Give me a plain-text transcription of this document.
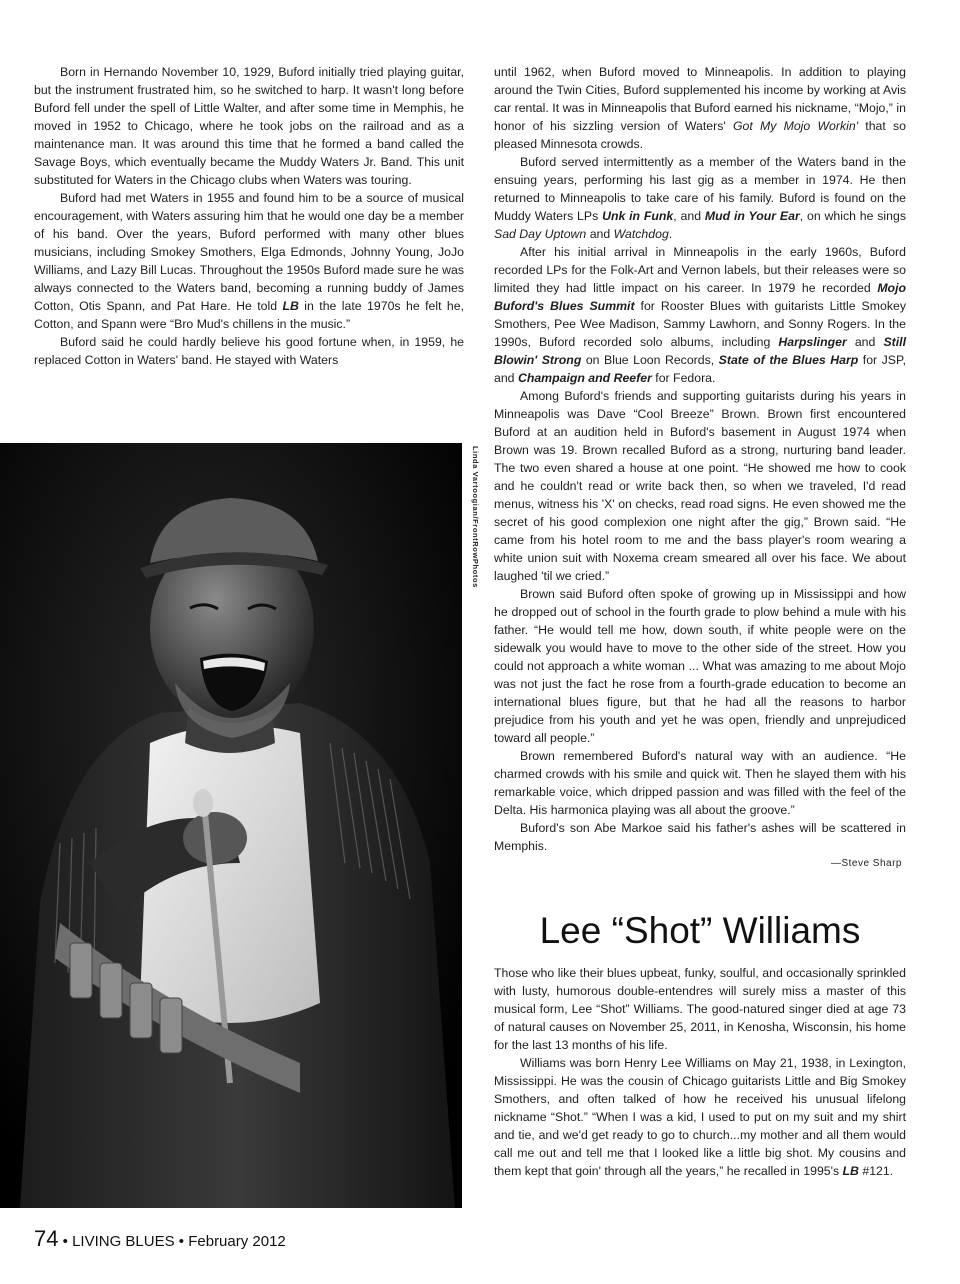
Born in Hernando November 10, 1929, Buford initially tried playing guitar, but the instrument frustrated him, so he switched to harp. It wasn't long before Buford fell under the spell of Little Walter, and after some time in Memphis, he moved in 1952 to Chicago, where he took jobs on the railroad and as a maintenance man. It was around this time that he formed a band called the Savage Boys, which eventually became the Muddy Waters Jr. Band. This unit substituted for Waters in the Chicago clubs when Waters was touring.

Buford had met Waters in 1955 and found him to be a source of musical encouragement, with Waters assuring him that he would one day be a member of his band. Over the years, Buford performed with many other blues musicians, including Smokey Smothers, Elga Edmonds, Johnny Young, JoJo Williams, and Lazy Bill Lucas. Throughout the 1950s Buford made sure he was always connected to the Waters band, becoming a running buddy of James Cotton, Otis Spann, and Pat Hare. He told LB in the late 1970s he felt he, Cotton, and Spann were “Bro Mud's chillens in the music.”

Buford said he could hardly believe his good fortune when, in 1959, he replaced Cotton in Waters' band. He stayed with Waters

Linda Vartoogian/FrontRowPhotos

until 1962, when Buford moved to Minneapolis. In addition to playing around the Twin Cities, Buford supplemented his income by working at Avis car rental. It was in Minneapolis that Buford earned his nickname, “Mojo,” in honor of his sizzling version of Waters' Got My Mojo Workin' that so pleased Minnesota crowds.

Buford served intermittently as a member of the Waters band in the ensuing years, performing his last gig as a member in 1974. He then returned to Minneapolis to take care of his family. Buford is found on the Muddy Waters LPs Unk in Funk, and Mud in Your Ear, on which he sings Sad Day Uptown and Watchdog.

After his initial arrival in Minneapolis in the early 1960s, Buford recorded LPs for the Folk-Art and Vernon labels, but their releases were so limited they had little impact on his career. In 1979 he recorded Mojo Buford's Blues Summit for Rooster Blues with guitarists Little Smokey Smothers, Pee Wee Madison, Sammy Lawhorn, and Sonny Rogers. In the 1990s, Buford recorded solo albums, including Harpslinger and Still Blowin' Strong on Blue Loon Records, State of the Blues Harp for JSP, and Champaign and Reefer for Fedora.

Among Buford's friends and supporting guitarists during his years in Minneapolis was Dave “Cool Breeze” Brown. Brown first encountered Buford at an audition held in Buford's basement in August 1974 when Brown was 19. Brown recalled Buford as a strong, nurturing band leader. The two even shared a house at one point. “He showed me how to cook and he couldn't read or write back then, so when we traveled, I'd read menus, witness his 'X' on checks, read road signs. He even showed me the secret of his good complexion one night after the gig,” Brown said. “He came from his hotel room to me and the bass player's room wearing a white union suit with Noxema cream smeared all over his face. We about laughed 'til we cried.”

Brown said Buford often spoke of growing up in Mississippi and how he dropped out of school in the fourth grade to plow behind a mule with his father. “He would tell me how, down south, if white people were on the sidewalk you would have to move to the other side of the street. How you could not approach a white woman ... What was amazing to me about Mojo was not just the fact he rose from a fourth-grade education to become an international blues figure, but that he had all the reasons to harbor prejudice from his youth and yet he was open, friendly and unprejudiced toward all people.”

Brown remembered Buford's natural way with an audience. “He charmed crowds with his smile and quick wit. Then he slayed them with his remarkable voice, which dripped passion and was filled with the feel of the Delta. His harmonica playing was all about the groove.”

Buford's son Abe Markoe said his father's ashes will be scattered in Memphis.

—Steve Sharp
Lee “Shot” Williams

Those who like their blues upbeat, funky, soulful, and occasionally sprinkled with lusty, humorous double-entendres will surely miss a master of this musical form, Lee “Shot” Williams. The good-natured singer died at age 73 of natural causes on November 25, 2011, in Kenosha, Wisconsin, his home for the last 13 months of his life.

Williams was born Henry Lee Williams on May 21, 1938, in Lexington, Mississippi. He was the cousin of Chicago guitarists Little and Big Smokey Smothers, and often talked of how he received his unusual lifelong nickname “Shot.” “When I was a kid, I used to put on my suit and my shirt and tie, and we'd get ready to go to church...my mother and all them would call me out and tell me that I looked like a little big shot. My cousins and them kept that goin' through all the years,” he recalled in 1995's LB #121.

74 • LIVING BLUES • February 2012
